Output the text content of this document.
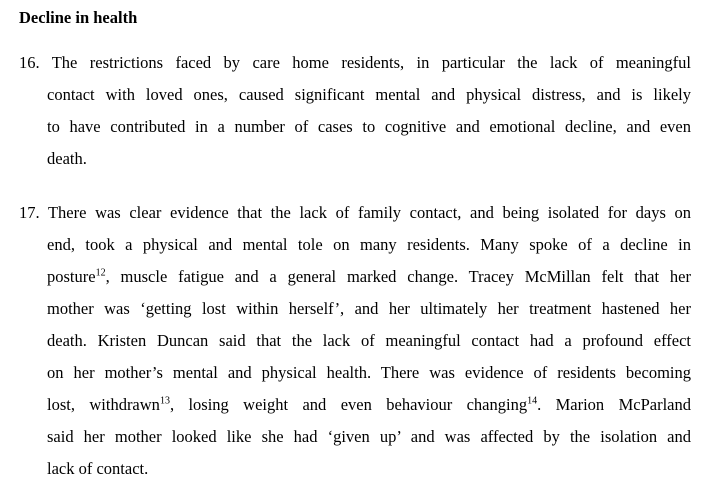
Decline in health
16. The restrictions faced by care home residents, in particular the lack of meaningful
contact with loved ones, caused significant mental and physical distress, and is likely
to have contributed in a number of cases to cognitive and emotional decline, and even
death.
17. There was clear evidence that the lack of family contact, and being isolated for days on
end, took a physical and mental tole on many residents. Many spoke of a decline in
posture$^{12}$, muscle fatigue and a general marked change. Tracey McMillan felt that her
mother was ‘getting lost within herself’, and her ultimately her treatment hastened her
death. Kristen Duncan said that the lack of meaningful contact had a profound effect
on her mother’s mental and physical health. There was evidence of residents becoming
lost, withdrawn$^{13}$, losing weight and even behaviour changing$^{14}$. Marion McParland
said her mother looked like she had ‘given up’ and was affected by the isolation and
lack of contact.
